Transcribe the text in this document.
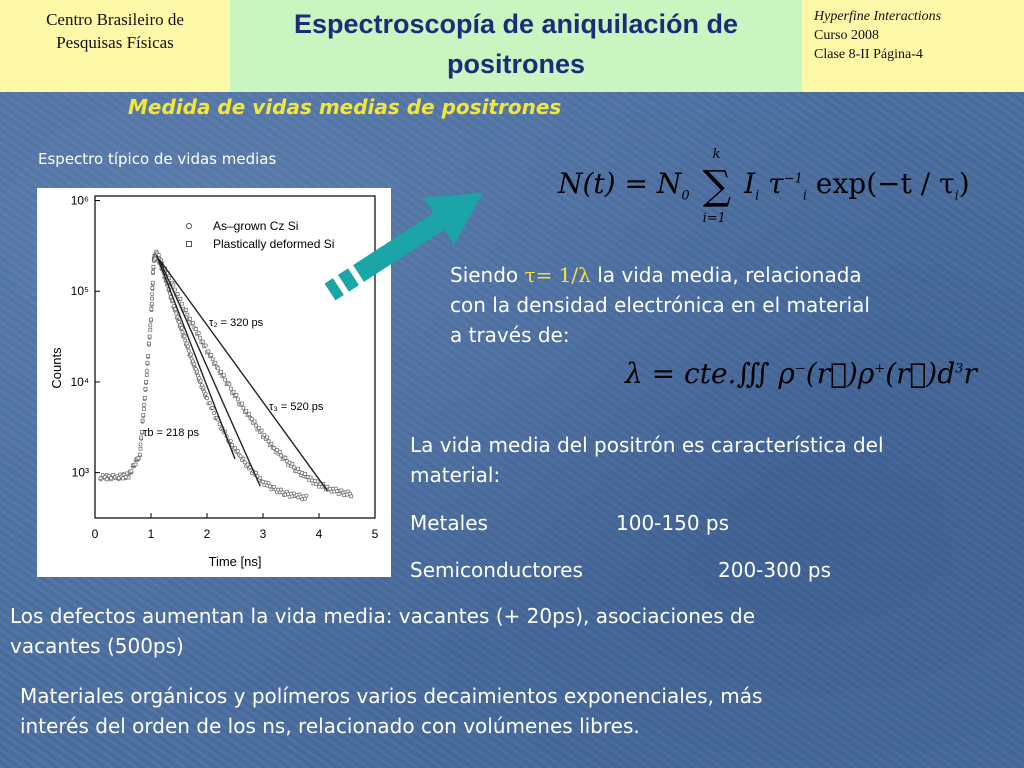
Centro Brasileiro de
Pesquisas Físicas
Espectroscopía de aniquilación de
positrones
Hyperfine Interactions
Curso 2008
Clase 8-II Página-4
Medida de vidas medias de positrones
Espectro típico de vidas medias
0	1	2	3	4	5
10³
10⁴
10⁵
10⁶
Time [ns]
Counts
As–grown Cz Si
Plastically deformed Si
τ₂ = 320 ps
τ₃ = 520 ps
τb = 218 ps
$N(t) = N_0$ ∑
k
i=1
$I_i$ $\tau^{-1}_i$ $\exp(-t / \tau_i)$
Siendo τ= 1/λ la vida media, relacionada
con la densidad electrónica en el material
a través de:
λ = cte.∭ $\rho^-(r⃗)\rho^+(r⃗)d^3r$
La vida media del positrón es característica del
material:
Metales	100-150 ps
Semiconductores	200-300 ps
Los defectos aumentan la vida media: vacantes (+ 20ps), asociaciones de
vacantes (500ps)
Materiales orgánicos y polímeros varios decaimientos exponenciales, más
interés del orden de los ns, relacionado con volúmenes libres.
